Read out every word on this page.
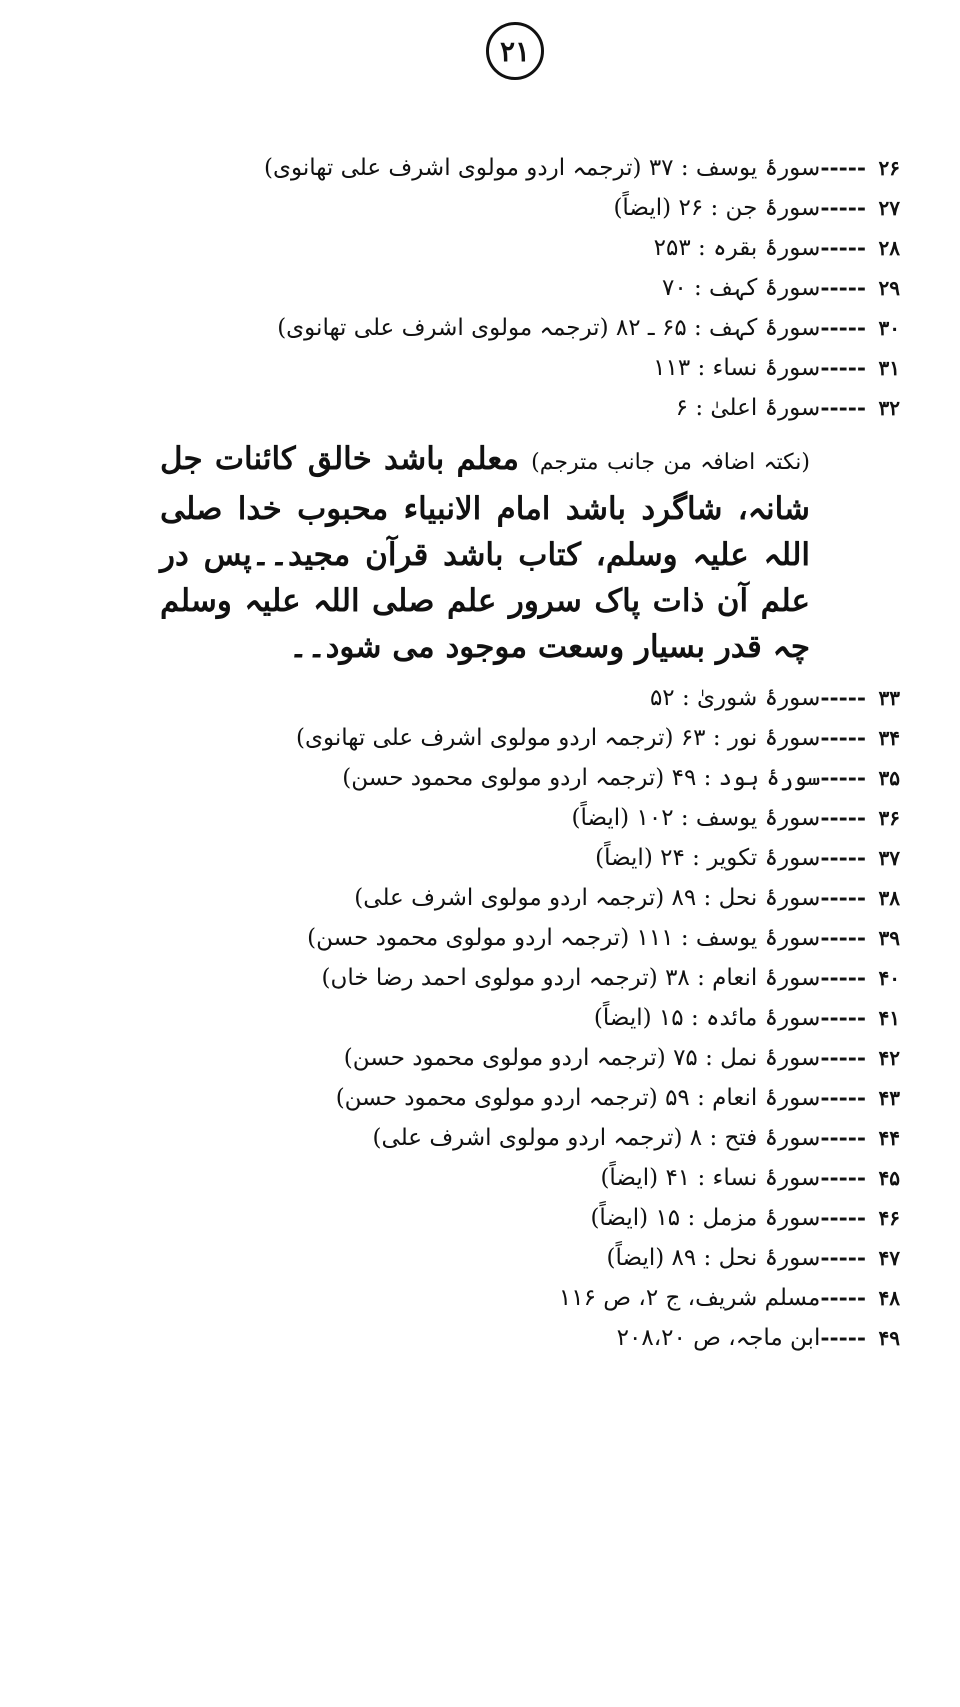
۲۱
۲۶-----سورۂ یوسف : ۳۷ (ترجمہ اردو مولوی اشرف علی تھانوی)
۲۷-----سورۂ جن : ۲۶ (ایضاً)
۲۸-----سورۂ بقرہ : ۲۵۳
۲۹-----سورۂ کہف : ۷۰
۳۰-----سورۂ کہف : ۶۵ ـ ۸۲ (ترجمہ مولوی اشرف علی تھانوی)
۳۱-----سورۂ نساء : ۱۱۳
۳۲-----سورۂ اعلیٰ : ۶
(نکتہ اضافہ من جانب مترجم) معلم باشد خالق کائنات جل شانہ، شاگرد باشد امام الانبیاء محبوب خدا صلی اللہ علیہ وسلم، کتاب باشد قرآن مجید۔۔پس در علم آن ذات پاک سرور علم صلی اللہ علیہ وسلم چہ قدر بسیار وسعت موجود می شود۔۔
۳۳-----سورۂ شوریٰ : ۵۲
۳۴-----سورۂ نور : ۶۳ (ترجمہ اردو مولوی اشرف علی تھانوی)
۳۵-----سورۂ ہود : ۴۹ (ترجمہ اردو مولوی محمود حسن)
۳۶-----سورۂ یوسف : ۱۰۲ (ایضاً)
۳۷-----سورۂ تکویر : ۲۴ (ایضاً)
۳۸-----سورۂ نحل : ۸۹ (ترجمہ اردو مولوی اشرف علی)
۳۹-----سورۂ یوسف : ۱۱۱ (ترجمہ اردو مولوی محمود حسن)
۴۰-----سورۂ انعام : ۳۸ (ترجمہ اردو مولوی احمد رضا خاں)
۴۱-----سورۂ مائدہ : ۱۵ (ایضاً)
۴۲-----سورۂ نمل : ۷۵ (ترجمہ اردو مولوی محمود حسن)
۴۳-----سورۂ انعام : ۵۹ (ترجمہ اردو مولوی محمود حسن)
۴۴-----سورۂ فتح : ۸ (ترجمہ اردو مولوی اشرف علی)
۴۵-----سورۂ نساء : ۴۱ (ایضاً)
۴۶-----سورۂ مزمل : ۱۵ (ایضاً)
۴۷-----سورۂ نحل : ۸۹ (ایضاً)
۴۸-----مسلم شریف، ج ۲، ص ۱۱۶
۴۹-----ابن ماجہ، ص ۲۰۸،۲۰
